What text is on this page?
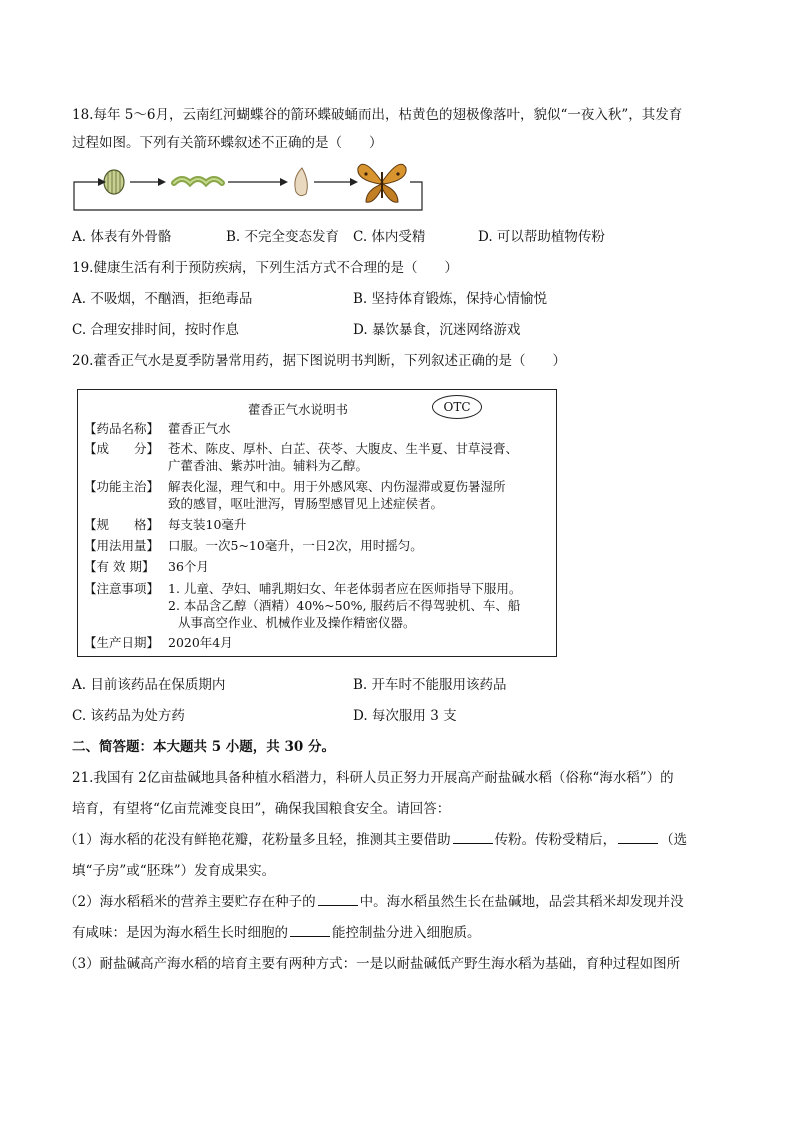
18.每年 5～6月，云南红河蝴蝶谷的箭环蝶破蛹而出，枯黄色的翅极像落叶，貌似“一夜入秋”，其发育
过程如图。下列有关箭环蝶叙述不正确的是（　　）
A. 体表有外骨骼	B. 不完全变态发育 C. 体内受精	D. 可以帮助植物传粉
19.健康生活有利于预防疾病，下列生活方式不合理的是（　　）
A. 不吸烟，不酗酒，拒绝毒品	B. 坚持体育锻炼，保持心情愉悦
C. 合理安排时间，按时作息	D. 暴饮暴食，沉迷网络游戏
20.藿香正气水是夏季防暑常用药，据下图说明书判断，下列叙述正确的是（　　）
藿香正气水说明书	OTC
【药品名称】 藿香正气水
【成　　分】 苍术、陈皮、厚朴、白芷、茯苓、大腹皮、生半夏、甘草浸膏、
广藿香油、紫苏叶油。辅料为乙醇。
【功能主治】 解表化湿，理气和中。用于外感风寒、内伤湿滞或夏伤暑湿所
致的感冒，呕吐泄泻，胃肠型感冒见上述症侯者。
【规　　格】 每支装10毫升
【用法用量】 口服。一次5~10毫升，一日2次，用时摇匀。
【有 效 期】 36个月
【注意事项】 1. 儿童、孕妇、哺乳期妇女、年老体弱者应在医师指导下服用。
2. 本品含乙醇（酒精）40%~50%, 服药后不得驾驶机、车、船
从事高空作业、机械作业及操作精密仪器。
【生产日期】 2020年4月
A. 目前该药品在保质期内	B. 开车时不能服用该药品
C. 该药品为处方药	D. 每次服用 3 支
二、简答题：本大题共 5 小题，共 30 分。
21.我国有 2亿亩盐碱地具备种植水稻潜力，科研人员正努力开展高产耐盐碱水稻（俗称“海水稻”）的
培育，有望将“亿亩荒滩变良田”，确保我国粮食安全。请回答：
（1）海水稻的花没有鲜艳花瓣，花粉量多且轻，推测其主要借助	传粉。传粉受精后，	（选
填“子房”或“胚珠”）发育成果实。
（2）海水稻稻米的营养主要贮存在种子的	中。海水稻虽然生长在盐碱地，品尝其稻米却发现并没
有咸味：是因为海水稻生长时细胞的	能控制盐分进入细胞质。
（3）耐盐碱高产海水稻的培育主要有两种方式：一是以耐盐碱低产野生海水稻为基础，育种过程如图所
